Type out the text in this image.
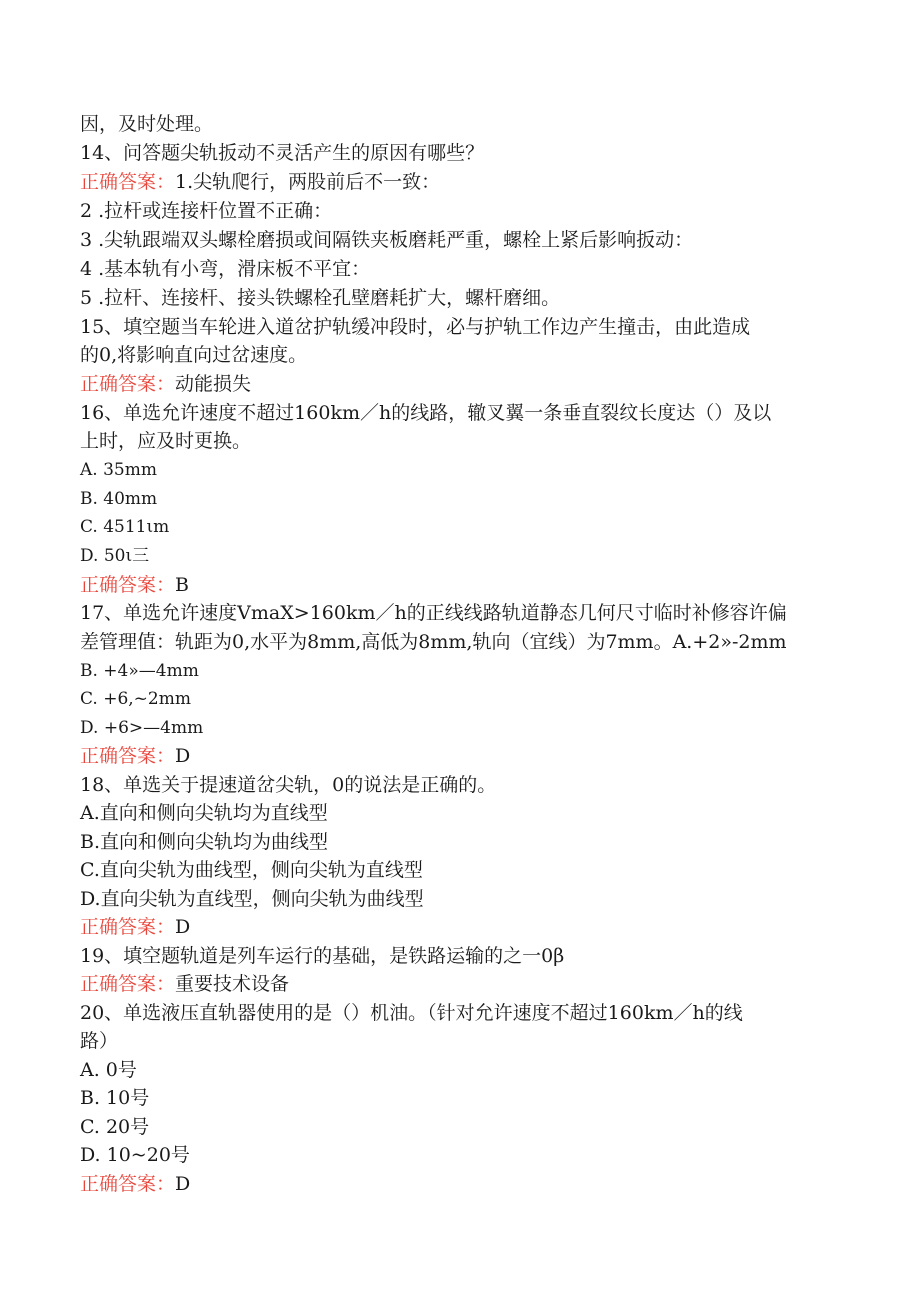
因，及时处理。
14、问答题尖轨扳动不灵活产生的原因有哪些？
正确答案：1.尖轨爬行，两股前后不一致：
2 .拉杆或连接杆位置不正确：
3 .尖轨跟端双头螺栓磨损或间隔铁夹板磨耗严重，螺栓上紧后影响扳动：
4 .基本轨有小弯，滑床板不平宜：
5 .拉杆、连接杆、接头铁螺栓孔壁磨耗扩大，螺杆磨细。
15、填空题当车轮进入道岔护轨缓冲段时，必与护轨工作边产生撞击，由此造成
的0,将影响直向过岔速度。
正确答案：动能损失
16、单选允许速度不超过160km／h的线路，辙叉翼一条垂直裂纹长度达（）及以
上时，应及时更换。
A. 35mm
B. 40mm
C. 4511ιm
D. 50ι三
正确答案：B
17、单选允许速度VmaX>160km／h的正线线路轨道静态几何尺寸临时补修容许偏
差管理值：轨距为0,水平为8mm,高低为8mm,轨向（宜线）为7mm。A.+2»-2mm
B. +4»—4mm
C. +6,~2mm
D. +6>—4mm
正确答案：D
18、单选关于提速道岔尖轨，0的说法是正确的。
A.直向和侧向尖轨均为直线型
B.直向和侧向尖轨均为曲线型
C.直向尖轨为曲线型，侧向尖轨为直线型
D.直向尖轨为直线型，侧向尖轨为曲线型
正确答案：D
19、填空题轨道是列车运行的基础，是铁路运输的之一0β
正确答案：重要技术设备
20、单选液压直轨器使用的是（）机油。（针对允许速度不超过160km／h的线
路）
A. 0号
B. 10号
C. 20号
D. 10~20号
正确答案：D
